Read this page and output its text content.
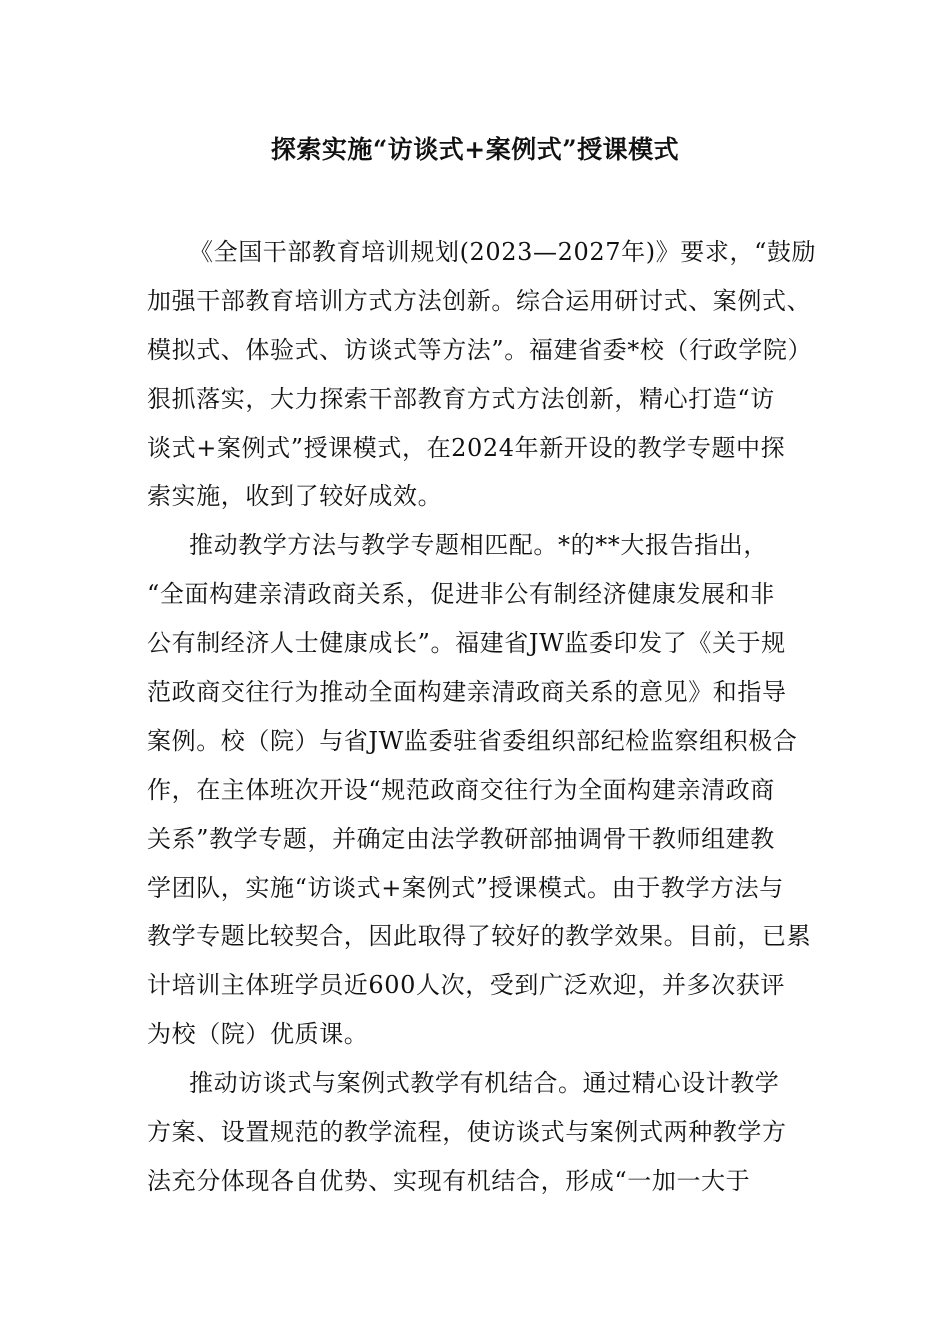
探索实施“访谈式+案例式”授课模式

《全国干部教育培训规划(2023—2027年)》要求，“鼓励
加强干部教育培训方式方法创新。综合运用研讨式、案例式、
模拟式、体验式、访谈式等方法”。福建省委*校（行政学院）
狠抓落实，大力探索干部教育方式方法创新，精心打造“访
谈式+案例式”授课模式，在2024年新开设的教学专题中探
索实施，收到了较好成效。

推动教学方法与教学专题相匹配。*的**大报告指出，
“全面构建亲清政商关系，促进非公有制经济健康发展和非
公有制经济人士健康成长”。福建省JW监委印发了《关于规
范政商交往行为推动全面构建亲清政商关系的意见》和指导
案例。校（院）与省JW监委驻省委组织部纪检监察组积极合
作，在主体班次开设“规范政商交往行为全面构建亲清政商
关系”教学专题，并确定由法学教研部抽调骨干教师组建教
学团队，实施“访谈式+案例式”授课模式。由于教学方法与
教学专题比较契合，因此取得了较好的教学效果。目前，已累
计培训主体班学员近600人次，受到广泛欢迎，并多次获评
为校（院）优质课。

推动访谈式与案例式教学有机结合。通过精心设计教学
方案、设置规范的教学流程，使访谈式与案例式两种教学方
法充分体现各自优势、实现有机结合，形成“一加一大于
